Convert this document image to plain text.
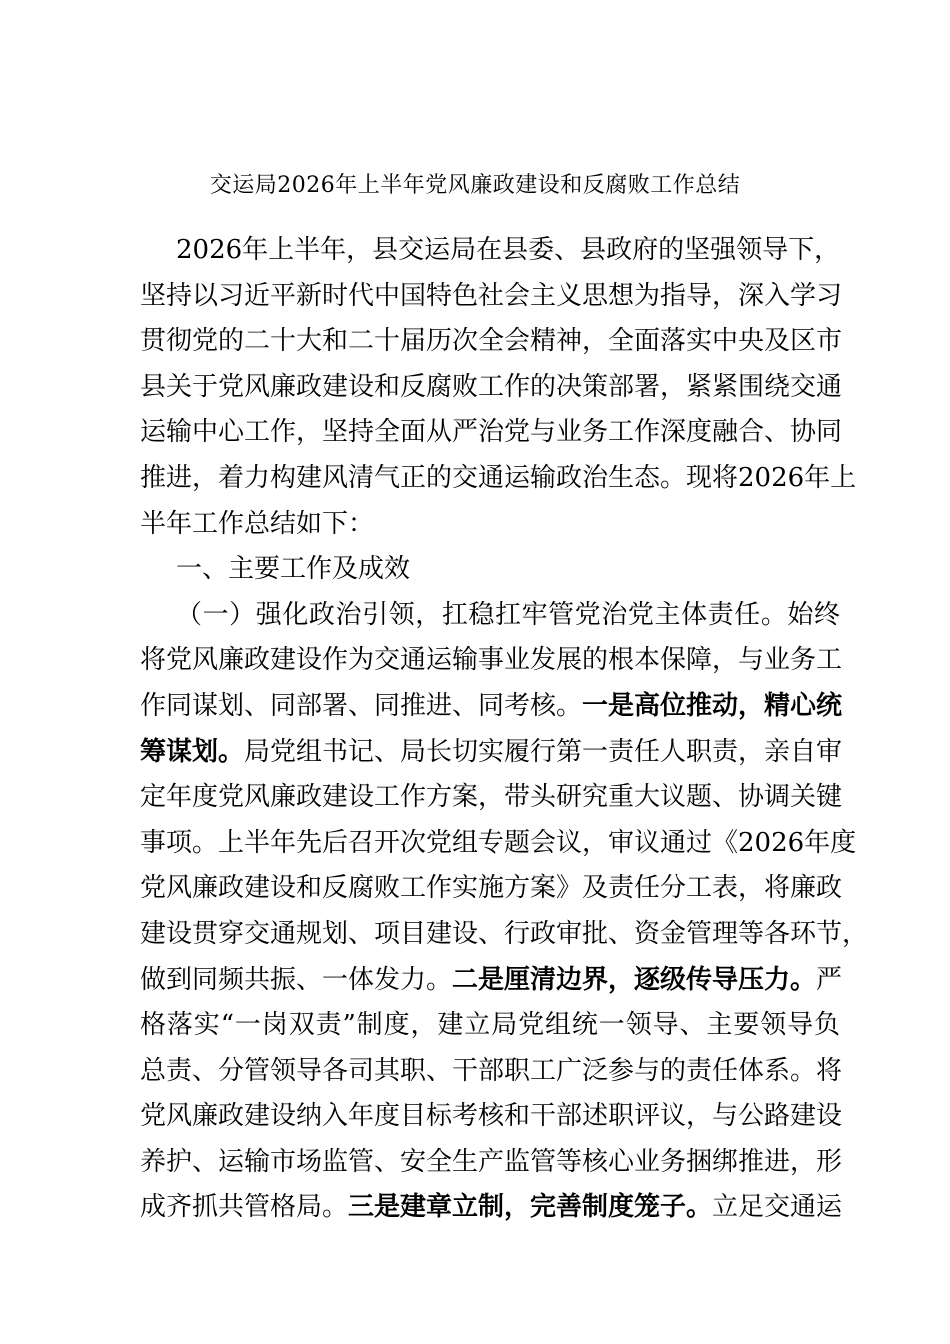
交运局2026年上半年党风廉政建设和反腐败工作总结
2026年上半年，县交运局在县委、县政府的坚强领导下，
坚持以习近平新时代中国特色社会主义思想为指导，深入学习
贯彻党的二十大和二十届历次全会精神，全面落实中央及区市
县关于党风廉政建设和反腐败工作的决策部署，紧紧围绕交通
运输中心工作，坚持全面从严治党与业务工作深度融合、协同
推进，着力构建风清气正的交通运输政治生态。现将2026年上
半年工作总结如下：
一、主要工作及成效
（一）强化政治引领，扛稳扛牢管党治党主体责任。始终
将党风廉政建设作为交通运输事业发展的根本保障，与业务工
作同谋划、同部署、同推进、同考核。一是高位推动，精心统
筹谋划。局党组书记、局长切实履行第一责任人职责，亲自审
定年度党风廉政建设工作方案，带头研究重大议题、协调关键
事项。上半年先后召开次党组专题会议，审议通过《2026年度
党风廉政建设和反腐败工作实施方案》及责任分工表，将廉政
建设贯穿交通规划、项目建设、行政审批、资金管理等各环节，
做到同频共振、一体发力。二是厘清边界，逐级传导压力。严
格落实“一岗双责”制度，建立局党组统一领导、主要领导负
总责、分管领导各司其职、干部职工广泛参与的责任体系。将
党风廉政建设纳入年度目标考核和干部述职评议，与公路建设
养护、运输市场监管、安全生产监管等核心业务捆绑推进，形
成齐抓共管格局。三是建章立制，完善制度笼子。立足交通运
